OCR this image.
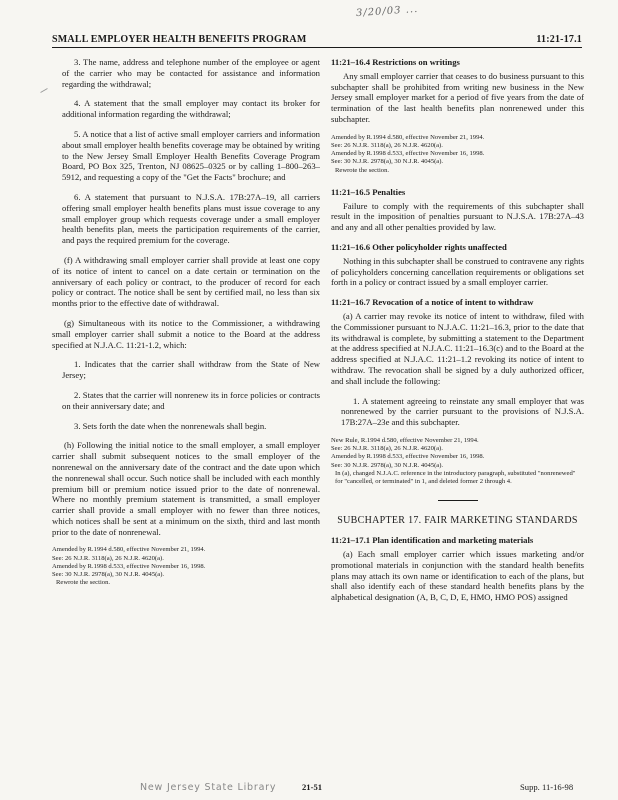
3/20/03 ...
SMALL EMPLOYER HEALTH BENEFITS PROGRAM	11:21-17.1

3. The name, address and telephone number of the employee or agent of the carrier who may be contacted for assistance and information regarding the withdrawal;

4. A statement that the small employer may contact its broker for additional information regarding the withdrawal;

5. A notice that a list of active small employer carriers and information about small employer health benefits coverage may be obtained by writing to the New Jersey Small Employer Health Benefits Coverage Program Board, PO Box 325, Trenton, NJ 08625–0325 or by calling 1–800–263–5912, and requesting a copy of the "Get the Facts" brochure; and

6. A statement that pursuant to N.J.S.A. 17B:27A–19, all carriers offering small employer health benefits plans must issue coverage to any small employer group which requests coverage under a small employer health benefits plan, meets the participation requirements of the carrier, and pays the required premium for the coverage.

(f) A withdrawing small employer carrier shall provide at least one copy of its notice of intent to cancel on a date certain or termination on the anniversary of each policy or contract, to the producer of record for each policy or contract. The notice shall be sent by certified mail, no less than six months prior to the effective date of withdrawal.

(g) Simultaneous with its notice to the Commissioner, a withdrawing small employer carrier shall submit a notice to the Board at the address specified at N.J.A.C. 11:21-1.2, which:

1. Indicates that the carrier shall withdraw from the State of New Jersey;

2. States that the carrier will nonrenew its in force policies or contracts on their anniversary date; and

3. Sets forth the date when the nonrenewals shall begin.

(h) Following the initial notice to the small employer, a small employer carrier shall submit subsequent notices to the small employer of the nonrenewal on the anniversary date of the contract and the date upon which the nonrenewal shall occur. Such notice shall be included with each monthly premium bill or premium notice issued prior to the date of nonrenewal. Where no monthly premium statement is transmitted, a small employer carrier shall provide a small employer with no fewer than three notices, which notices shall be sent at a minimum on the sixth, third and last month prior to the date of nonrenewal.

Amended by R.1994 d.580, effective November 21, 1994.

See: 26 N.J.R. 3118(a), 26 N.J.R. 4620(a).

Amended by R.1998 d.533, effective November 16, 1998.

See: 30 N.J.R. 2978(a), 30 N.J.R. 4045(a).

Rewrote the section.

11:21–16.4 Restrictions on writings

Any small employer carrier that ceases to do business pursuant to this subchapter shall be prohibited from writing new business in the New Jersey small employer market for a period of five years from the date of termination of the last health benefits plan nonrenewed under this subchapter.

Amended by R.1994 d.580, effective November 21, 1994.

See: 26 N.J.R. 3118(a), 26 N.J.R. 4620(a).

Amended by R.1998 d.533, effective November 16, 1998.

See: 30 N.J.R. 2978(a), 30 N.J.R. 4045(a).

Rewrote the section.

11:21–16.5 Penalties

Failure to comply with the requirements of this subchapter shall result in the imposition of penalties pursuant to N.J.S.A. 17B:27A–43 and any and all other penalties provided by law.

11:21–16.6 Other policyholder rights unaffected

Nothing in this subchapter shall be construed to contravene any rights of policyholders concerning cancellation requirements or obligations set forth in a policy or contract issued by a small employer carrier.

11:21–16.7 Revocation of a notice of intent to withdraw

(a) A carrier may revoke its notice of intent to withdraw, filed with the Commissioner pursuant to N.J.A.C. 11:21–16.3, prior to the date that its withdrawal is complete, by submitting a statement to the Department at the address specified at N.J.A.C. 11:21–16.3(c) and to the Board at the address specified at N.J.A.C. 11:21–1.2 revoking its notice of intent to withdraw. The revocation shall be signed by a duly authorized officer, and shall include the following:

1. A statement agreeing to reinstate any small employer that was nonrenewed by the carrier pursuant to the provisions of N.J.S.A. 17B:27A–23e and this subchapter.

New Rule, R.1994 d.580, effective November 21, 1994.

See: 26 N.J.R. 3118(a), 26 N.J.R. 4620(a).

Amended by R.1998 d.533, effective November 16, 1998.

See: 30 N.J.R. 2978(a), 30 N.J.R. 4045(a).

In (a), changed N.J.A.C. reference in the introductory paragraph, substituted "nonrenewed" for "cancelled, or terminated" in 1, and deleted former 2 through 4.

SUBCHAPTER 17. FAIR MARKETING STANDARDS

11:21–17.1 Plan identification and marketing materials

(a) Each small employer carrier which issues marketing and/or promotional materials in conjunction with the standard health benefits plans may attach its own name or identification to each of the plans, but shall also identify each of these standard health benefits plans by the alphabetical designation (A, B, C, D, E, HMO, HMO POS) assigned

New Jersey State Library	21-51	Supp. 11-16-98
